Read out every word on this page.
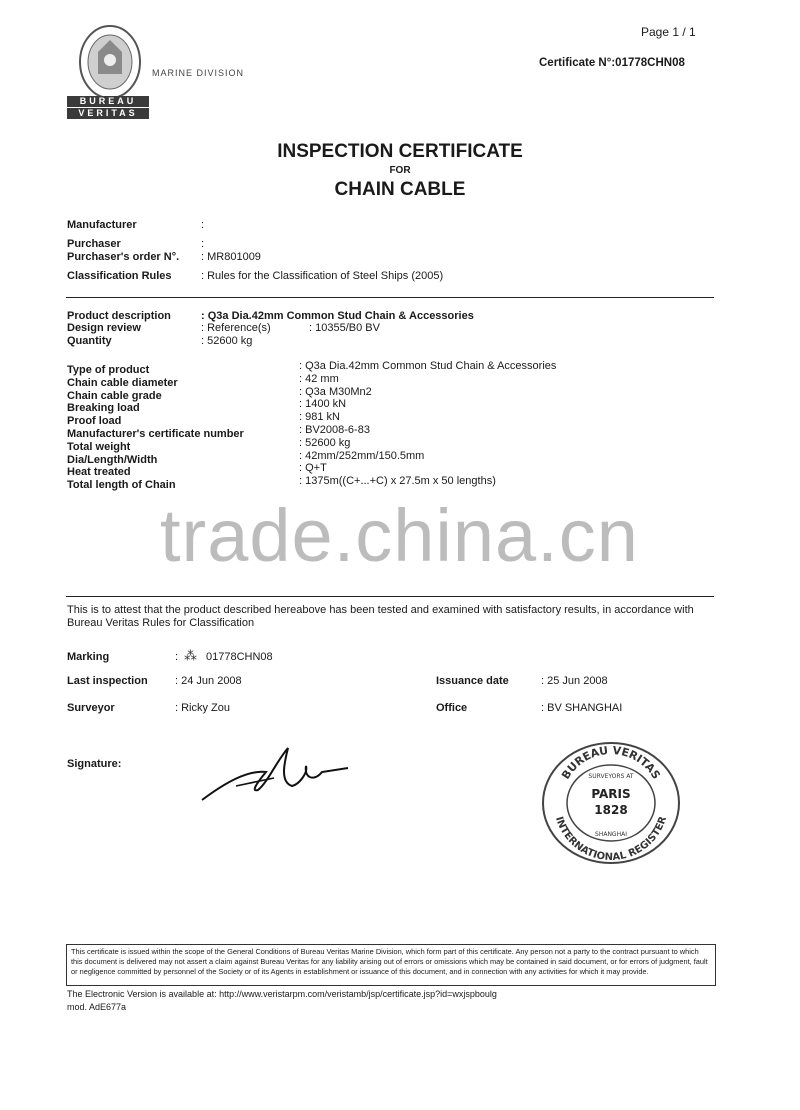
BUREAU
VERITAS
MARINE DIVISION
Page 1 / 1
Certificate N°:01778CHN08
INSPECTION CERTIFICATE
FOR
CHAIN CABLE
Manufacturer	:
Purchaser	:
Purchaser's order N°. : MR801009
Classification Rules	: Rules for the Classification of Steel Ships (2005)
Product description	: Q3a Dia.42mm Common Stud Chain & Accessories
Design review	: Reference(s)	: 10355/B0 BV
Quantity	: 52600 kg
Type of product	: Q3a Dia.42mm Common Stud Chain & Accessories
Chain cable diameter	: 42 mm
Chain cable grade	: Q3a M30Mn2
Breaking load	: 1400 kN
Proof load	: 981 kN
Manufacturer's certificate number	: BV2008-6-83
Total weight	: 52600 kg
Dia/Length/Width	: 42mm/252mm/150.5mm
Heat treated	: Q+T
Total length of Chain	: 1375m((C+...+C) x 27.5m x 50 lengths)
trade.china.cn
This is to attest that the product described hereabove has been tested and examined with satisfactory results, in accordance with Bureau Veritas Rules for Classification
Marking	: ⁂ 01778CHN08
Last inspection : 24 Jun 2008	Issuance date	: 25 Jun 2008
Surveyor	: Ricky Zou	Office	: BV SHANGHAI
Signature:
BUREAU VERITAS
INTERNATIONAL REGISTER
SURVEYORS AT
PARIS
1828
SHANGHAI
This certificate is issued within the scope of the General Conditions of Bureau Veritas Marine Division, which form part of this certificate. Any person not a party to the contract pursuant to which this document is delivered may not assert a claim against Bureau Veritas for any liability arising out of errors or omissions which may be contained in said document, or for errors of judgment, fault or negligence committed by personnel of the Society or of its Agents in establishment or issuance of this document, and in connection with any activities for which it may provide.
The Electronic Version is available at: http://www.veristarpm.com/veristamb/jsp/certificate.jsp?id=wxjspboulg
mod. AdE677a
